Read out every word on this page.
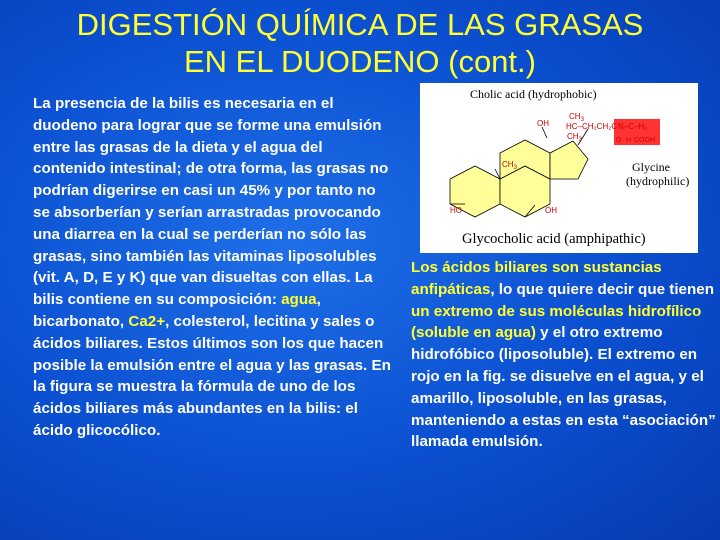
DIGESTIÓN QUÍMICA DE LAS GRASAS
EN EL DUODENO (cont.)
La presencia de la bilis es necesaria en el duodeno para lograr que se forme una emulsión entre las grasas de la dieta y el agua del contenido intestinal; de otra forma, las grasas no podrían digerirse en casi un 45% y por tanto no se absorberían y serían arrastradas provocando una diarrea en la cual se perderían no sólo las grasas, sino también las vitaminas liposolubles (vit. A, D, E y K) que van disueltas con ellas. La bilis contiene en su composición: agua, bicarbonato, Ca2+, colesterol, lecitina y sales o ácidos biliares. Estos últimos son los que hacen posible la emulsión entre el agua y las grasas. En la figura se muestra la fórmula de uno de los ácidos biliares más abundantes en la bilis: el ácido glicocólico.
Cholic acid (hydrophobic)
OH
$CH_3$
HC–CH₂CH₂C N–C–H₂
$CH_3$	O H COOH
$CH_3$
HO	OH
Glycine
(hydrophilic)
Glycocholic acid (amphipathic)
Los ácidos biliares son sustancias anfipáticas, lo que quiere decir que tienen un extremo de sus moléculas hidrofílico (soluble en agua) y el otro extremo hidrofóbico (liposoluble). El extremo en rojo en la fig. se disuelve en el agua, y el amarillo, liposoluble, en las grasas, manteniendo a estas en esta “asociación” llamada emulsión.
